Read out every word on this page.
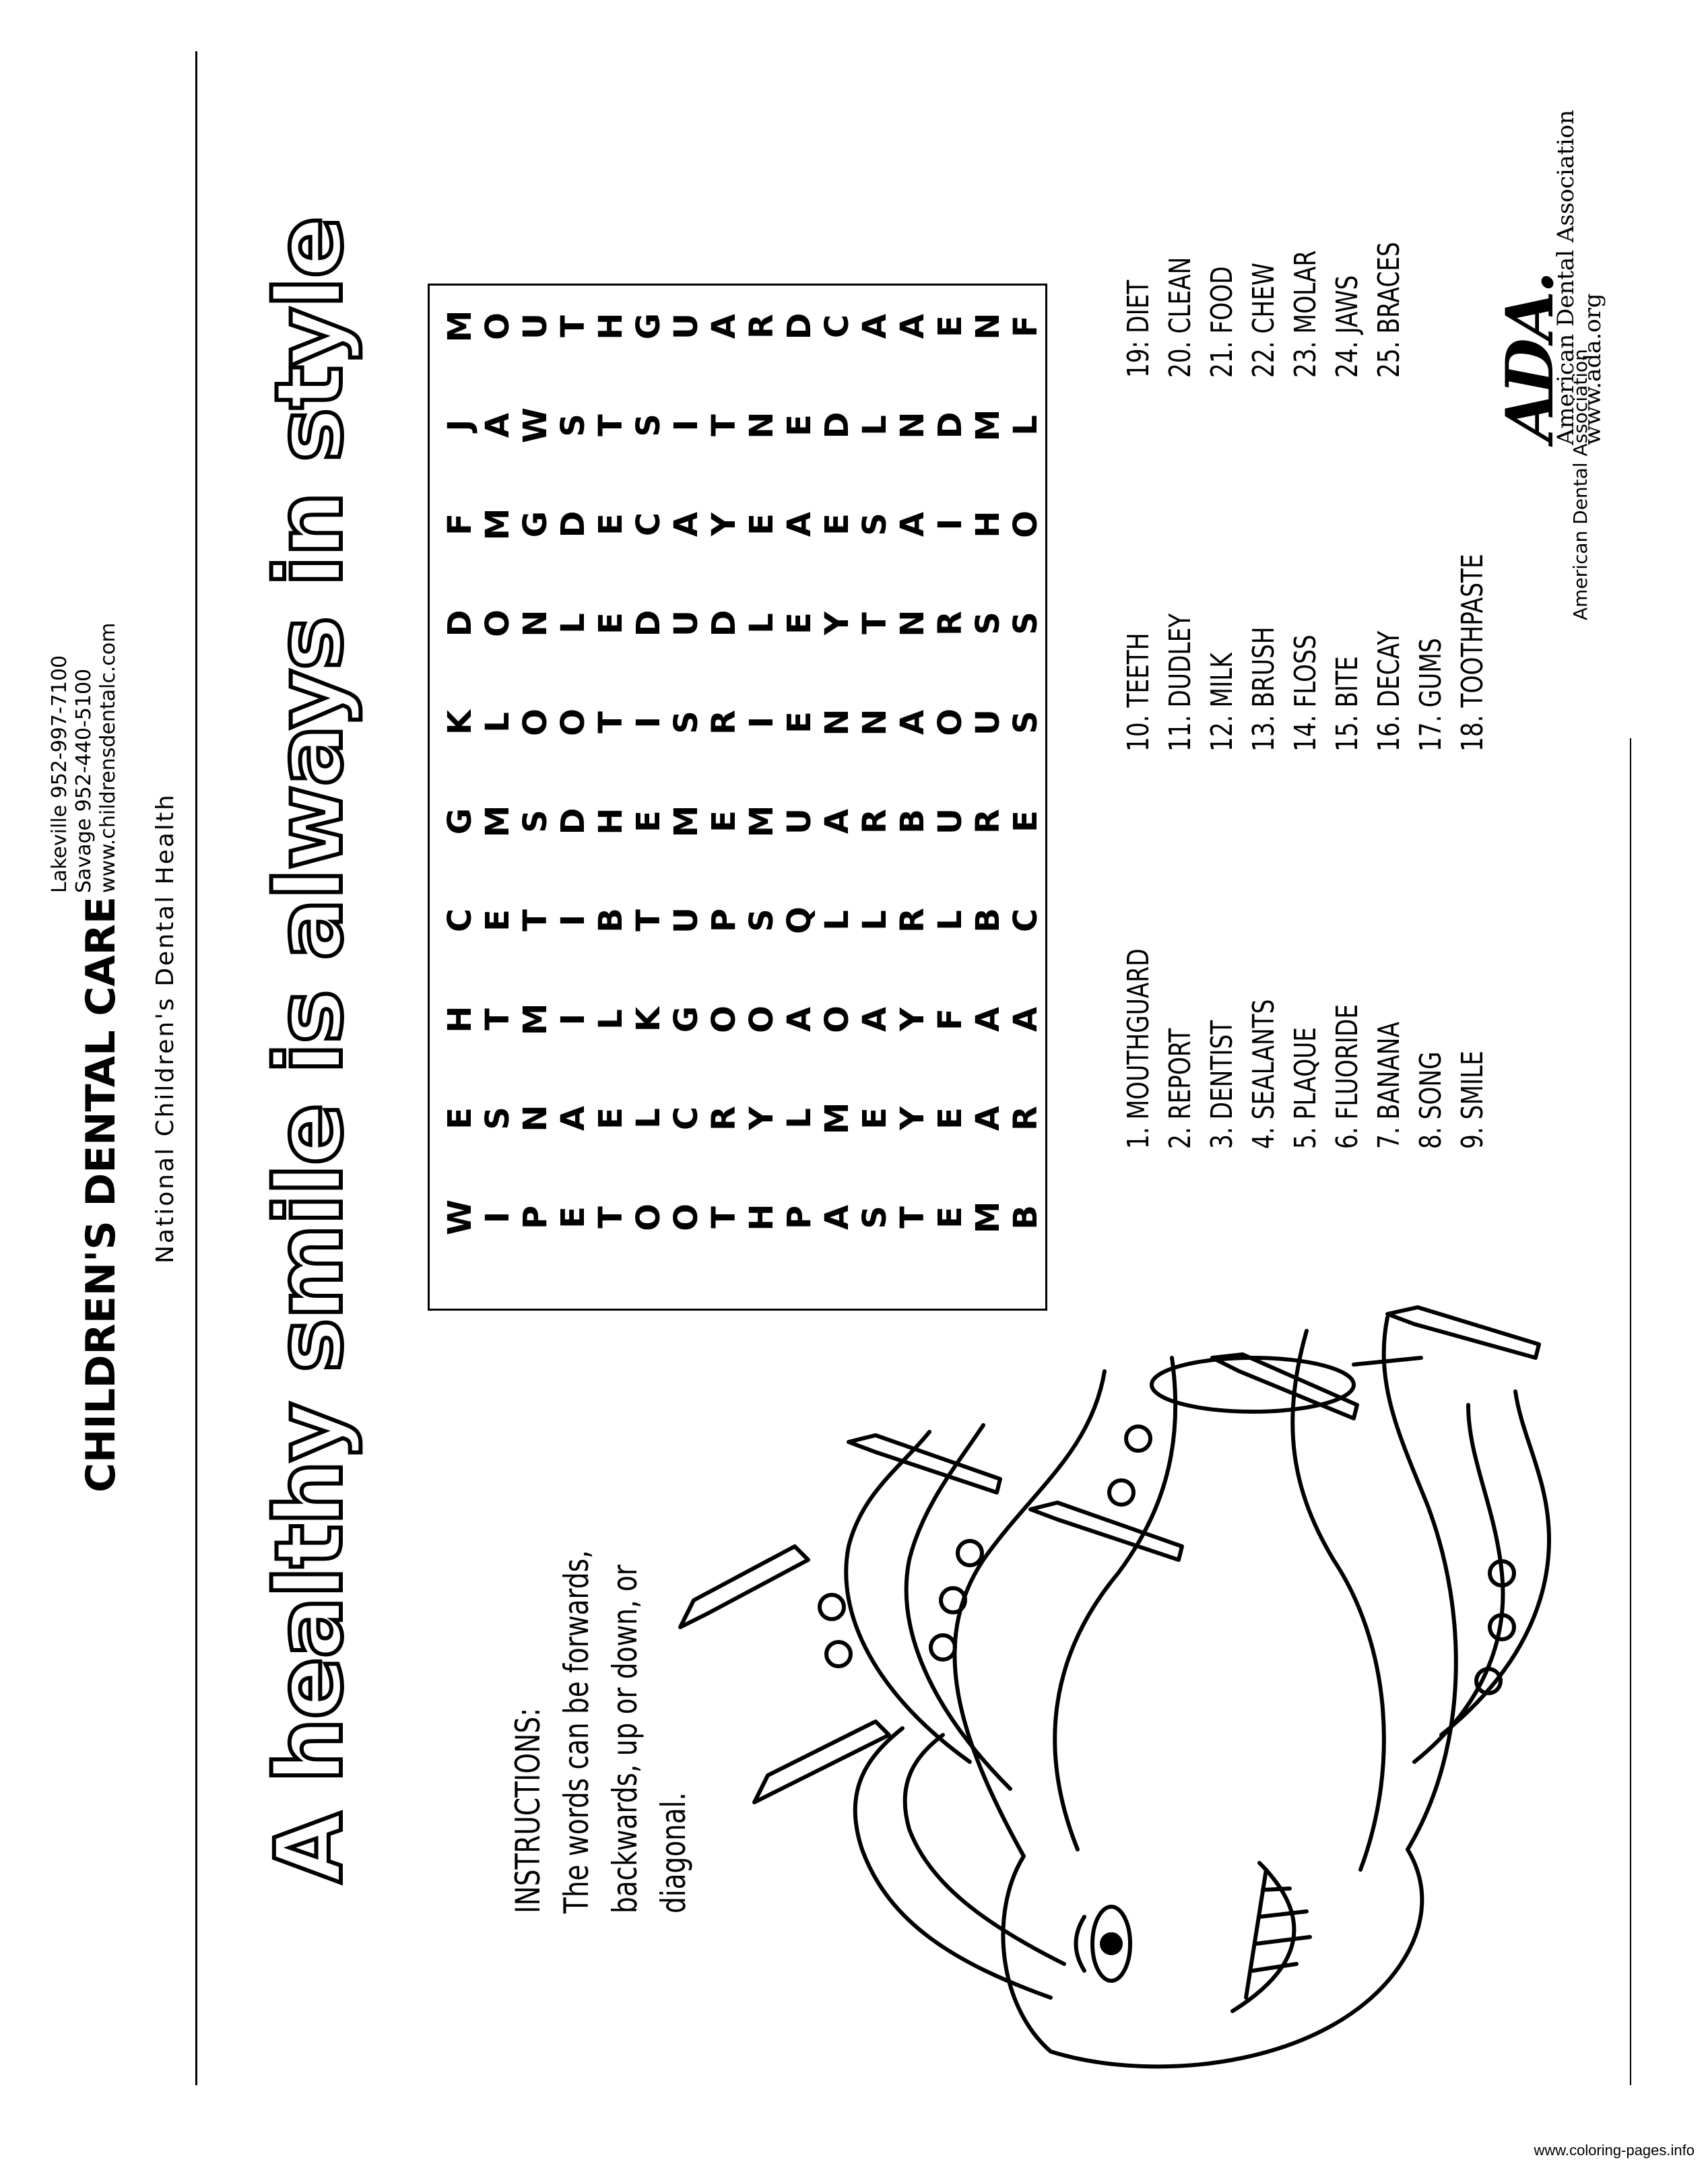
CHILDREN'S DENTAL CARE
Lakeville 952-997-7100 Savage 952-440-5100 www.childrensdentalc.com
National Children's Dental Health A healthy smile is always in style W
E
H
C
G
K
D
F
J
M
I
S
T
E
M
L
O
M
A
O
P
N
M
T
S
O
N
G
W
U
E
A
I
I
D
O
L
D
S
T
T
E
L
B
H
T
E
E
T
H
O
L
K
T
E
I
D
C
S
G
O
C
G
U
M
S
U
A
I
U
T
R
O
P
E
R
D
Y
T
A
H
Y
O
S
M
I
L
E
N
R
P
L
A
Q
U
E
E
A
E
D
A
M
O
L
A
N
Y
E
D
C
S
E
A
L
R
N
T
S
L
A
T
Y
Y
R
B
A
N
A
N
A
E
E
F
L
U
O
R
I
D
E
M
A
A
B
R
U
S
H
M
N
B
R
A
C
E
S
S
O
L
F
INSTRUCTIONS: The words can be forwards, backwards, up or down, or diagonal.
1. MOUTHGUARD 2. REPORT 3. DENTIST 4. SEALANTS 5. PLAQUE 6. FLUORIDE 7. BANANA 8. SONG 9. SMILE
10. TEETH 11. DUDLEY 12. MILK 13. BRUSH 14. FLOSS 15. BITE 16. DECAY 17. GUMS 18. TOOTHPASTE
19: DIET 20. CLEAN 21. FOOD 22. CHEW 23. MOLAR 24. JAWS 25. BRACES
American Dental Association
ADA.
American Dental Association www.ada.org
www.coloring-pages.info
